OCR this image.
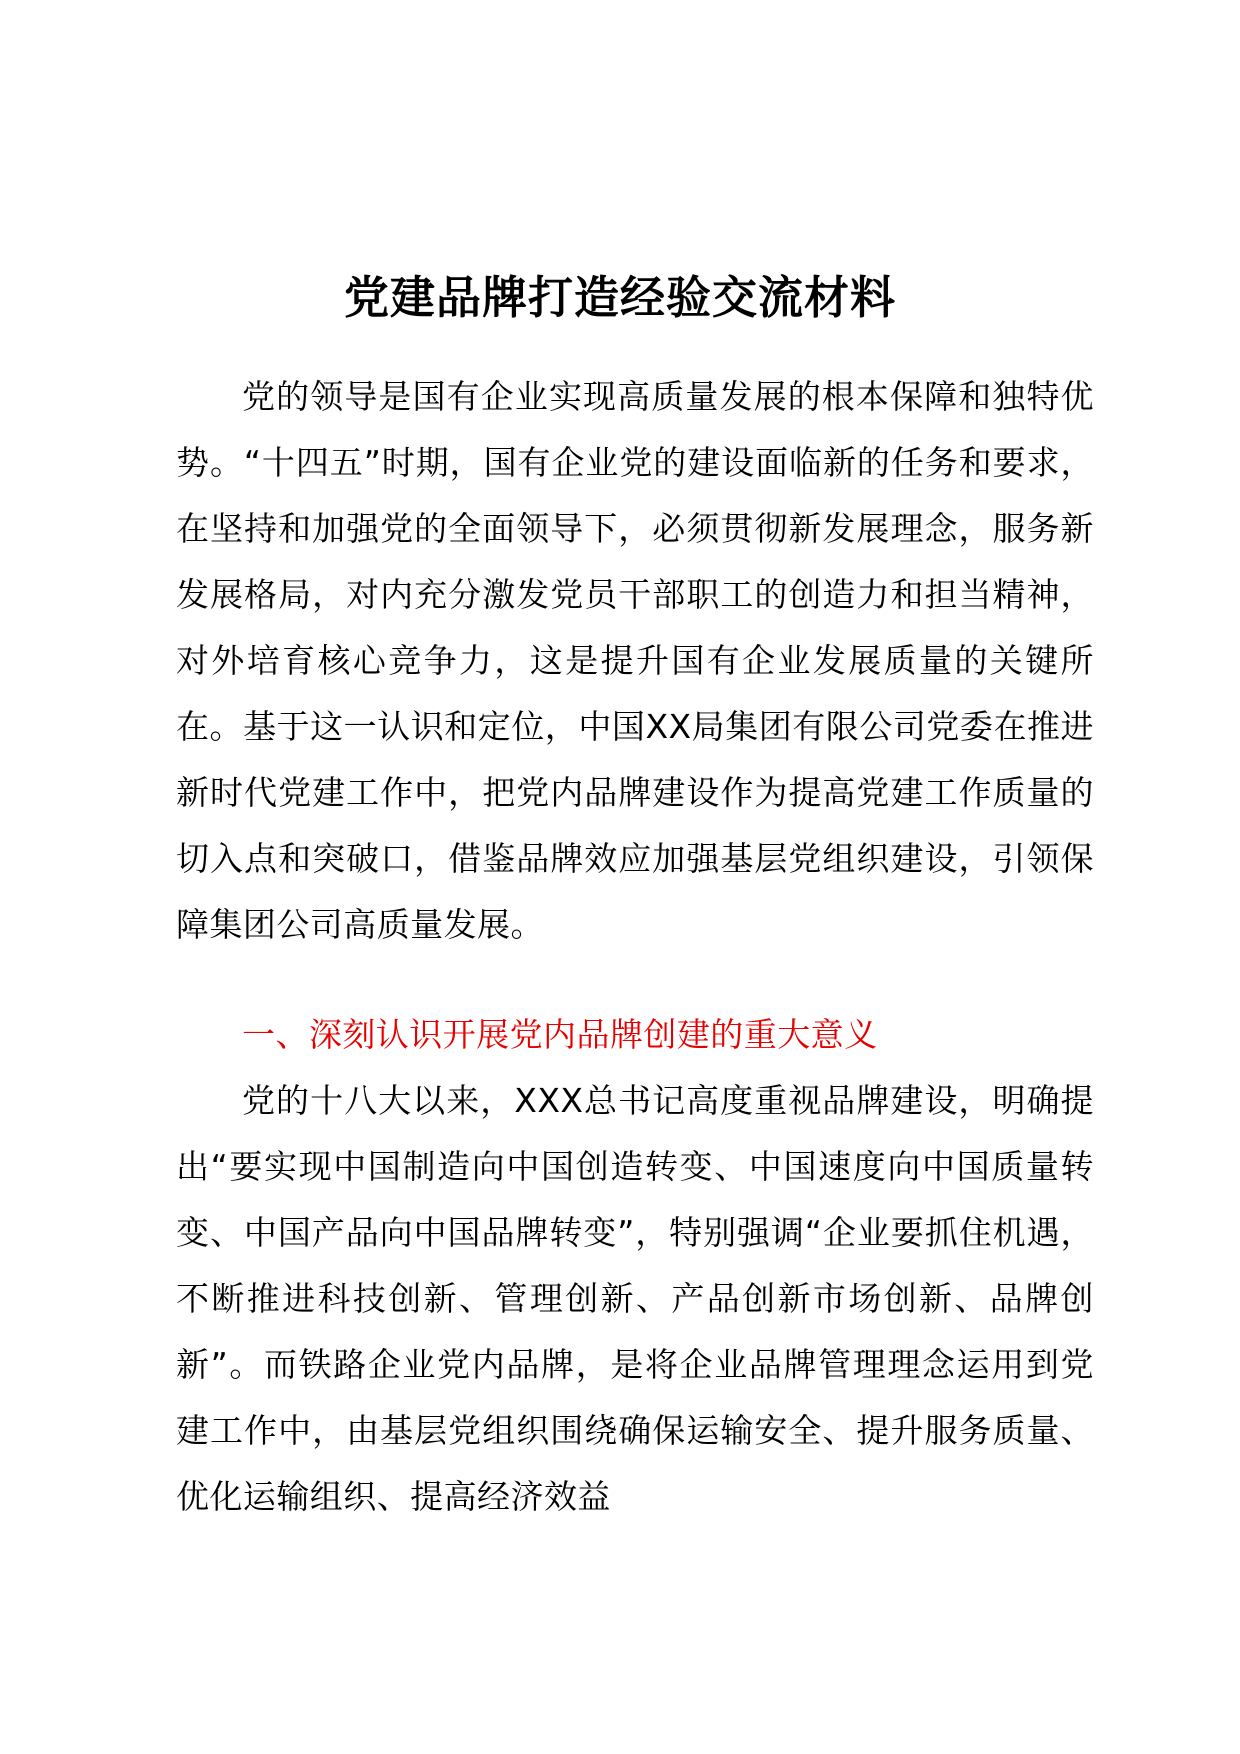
党建品牌打造经验交流材料

党的领导是国有企业实现高质量发展的根本保障和独特优势。“十四五”时期，国有企业党的建设面临新的任务和要求，在坚持和加强党的全面领导下，必须贯彻新发展理念，服务新发展格局，对内充分激发党员干部职工的创造力和担当精神，对外培育核心竞争力，这是提升国有企业发展质量的关键所在。基于这一认识和定位，中国XX局集团有限公司党委在推进新时代党建工作中，把党内品牌建设作为提高党建工作质量的切入点和突破口，借鉴品牌效应加强基层党组织建设，引领保障集团公司高质量发展。

一、深刻认识开展党内品牌创建的重大意义

党的十八大以来，XXX总书记高度重视品牌建设，明确提出“要实现中国制造向中国创造转变、中国速度向中国质量转变、中国产品向中国品牌转变”，特别强调“企业要抓住机遇，不断推进科技创新、管理创新、产品创新市场创新、品牌创新”。而铁路企业党内品牌，是将企业品牌管理理念运用到党建工作中，由基层党组织围绕确保运输安全、提升服务质量、优化运输组织、提高经济效益
